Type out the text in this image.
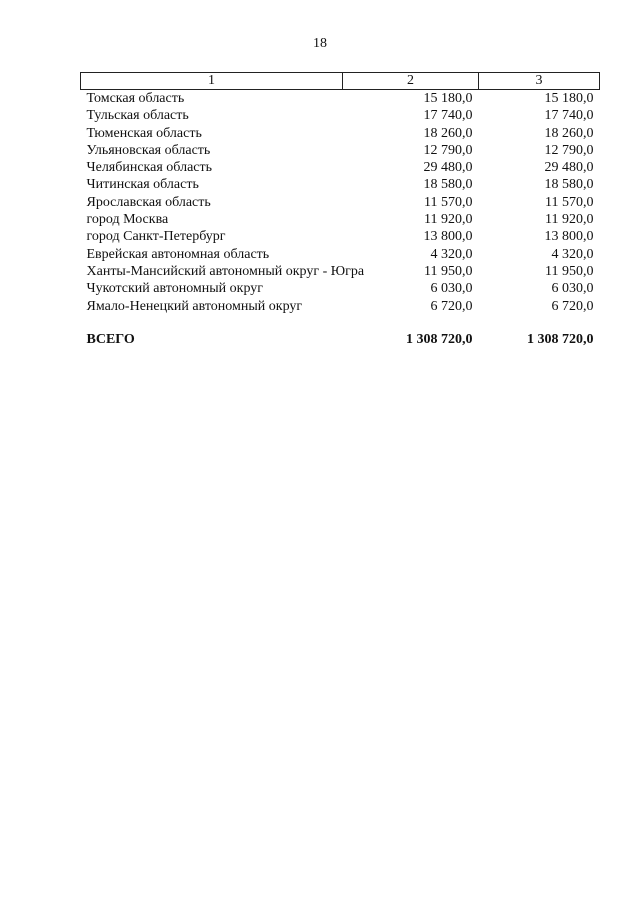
18
1	2	3
Томская область	15 180,0	15 180,0
Тульская область	17 740,0	17 740,0
Тюменская область	18 260,0	18 260,0
Ульяновская область	12 790,0	12 790,0
Челябинская область	29 480,0	29 480,0
Читинская область	18 580,0	18 580,0
Ярославская область	11 570,0	11 570,0
город Москва	11 920,0	11 920,0
город Санкт-Петербург	13 800,0	13 800,0
Еврейская автономная область	4 320,0	4 320,0
Ханты-Мансийский автономный округ - Югра	11 950,0	11 950,0
Чукотский автономный округ	6 030,0	6 030,0
Ямало-Ненецкий автономный округ	6 720,0	6 720,0

ВСЕГО	1 308 720,0	1 308 720,0
